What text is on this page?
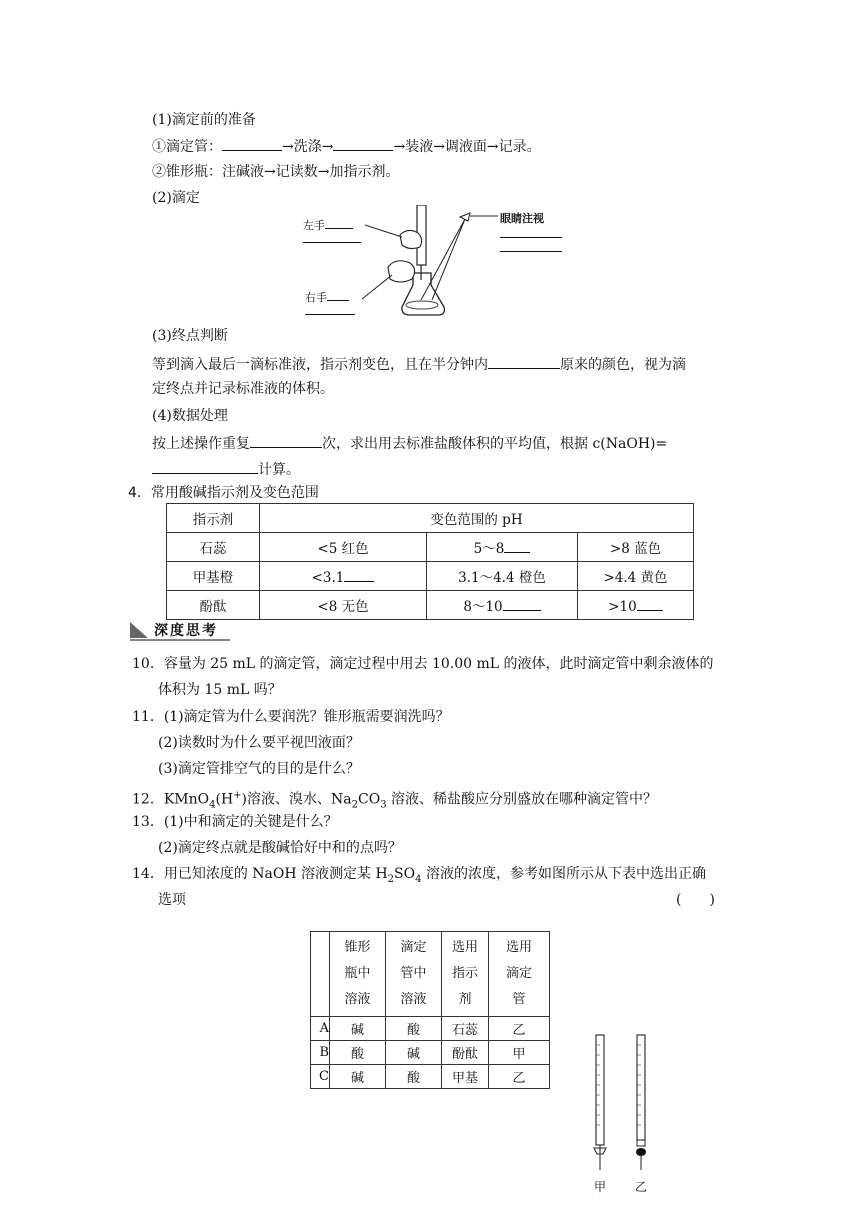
(1)滴定前的准备
①滴定管：	→洗涤→	→装液→调液面→记录。
②锥形瓶：注碱液→记读数→加指示剂。
(2)滴定
左手
右手
眼睛注视
(3)终点判断
等到滴入最后一滴标准液，指示剂变色，且在半分钟内	原来的颜色，视为滴
定终点并记录标准液的体积。
(4)数据处理
按上述操作重复	次，求出用去标准盐酸体积的平均值，根据 c(NaOH)=
计算。
4．常用酸碱指示剂及变色范围
指示剂	变色范围的 pH		
石蕊	<5 红色	5～8	>8 蓝色
甲基橙	<3.1	3.1～4.4 橙色	>4.4 黄色
酚酞	<8 无色	8～10	>10
深度思考
10．容量为 25 mL 的滴定管，滴定过程中用去 10.00 mL 的液体，此时滴定管中剩余液体的
体积为 15 mL 吗？
11．(1)滴定管为什么要润洗？锥形瓶需要润洗吗？
(2)读数时为什么要平视凹液面？
(3)滴定管排空气的目的是什么？
12．KMnO$_4$(H+)溶液、溴水、$Na_2CO_3$ 溶液、稀盐酸应分别盛放在哪种滴定管中？
13．(1)中和滴定的关键是什么？
(2)滴定终点就是酸碱恰好中和的点吗？
14．用已知浓度的 NaOH 溶液测定某 $H_2SO_4$ 溶液的浓度，参考如图所示从下表中选出正确
选项	(　　)
	锥形
瓶中
溶液	滴定
管中
溶液	选用
指示
剂	选用
滴定
管
A	碱	酸	石蕊	乙
B	酸	碱	酚酞	甲
C	碱	酸	甲基	乙
甲 乙
